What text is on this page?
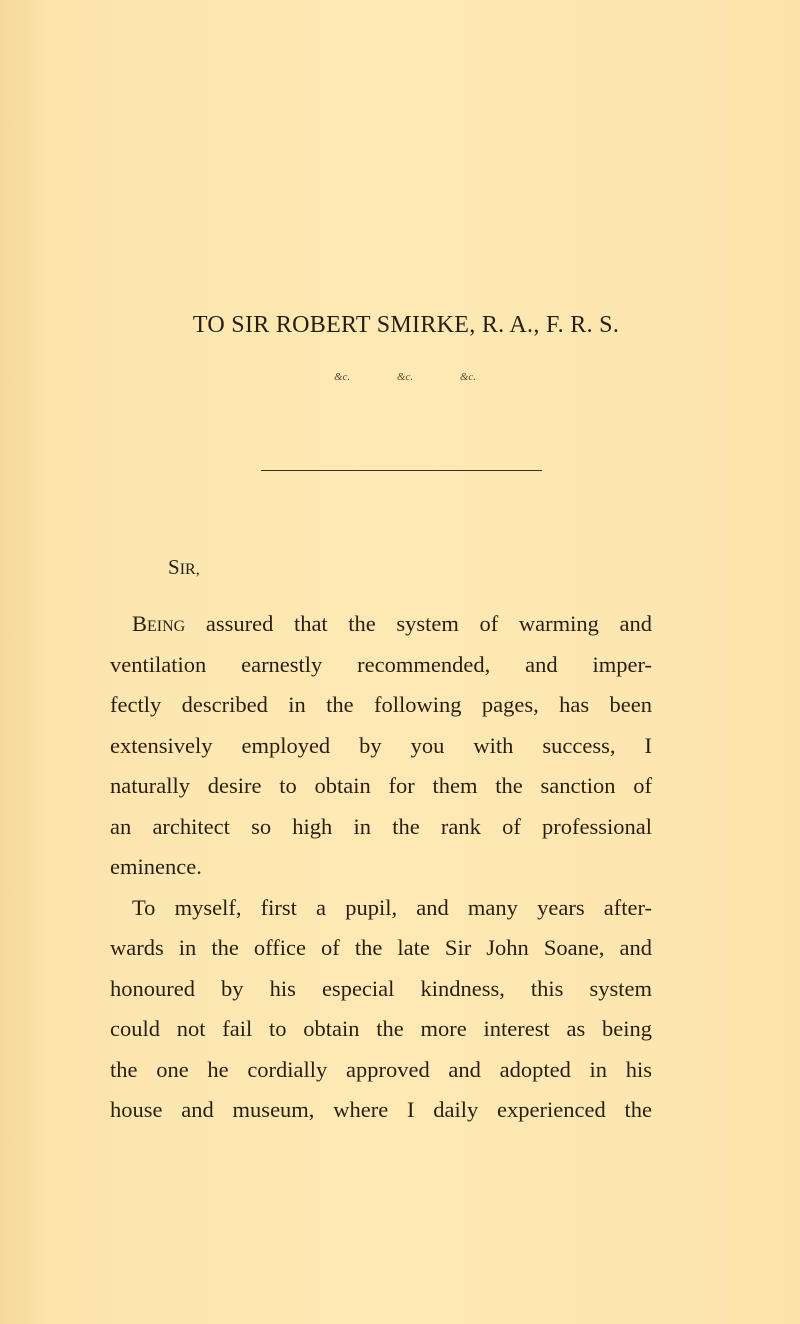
TO SIR ROBERT SMIRKE, R. A., F. R. S.
&c.	&c.	&c.

SIR,

Being assured that the system of warming and
ventilation earnestly recommended, and imper-
fectly described in the following pages, has been
extensively employed by you with success, I
naturally desire to obtain for them the sanction of
an architect so high in the rank of professional
eminence.
To myself, first a pupil, and many years after-
wards in the office of the late Sir John Soane, and
honoured by his especial kindness, this system
could not fail to obtain the more interest as being
the one he cordially approved and adopted in his
house and museum, where I daily experienced the
